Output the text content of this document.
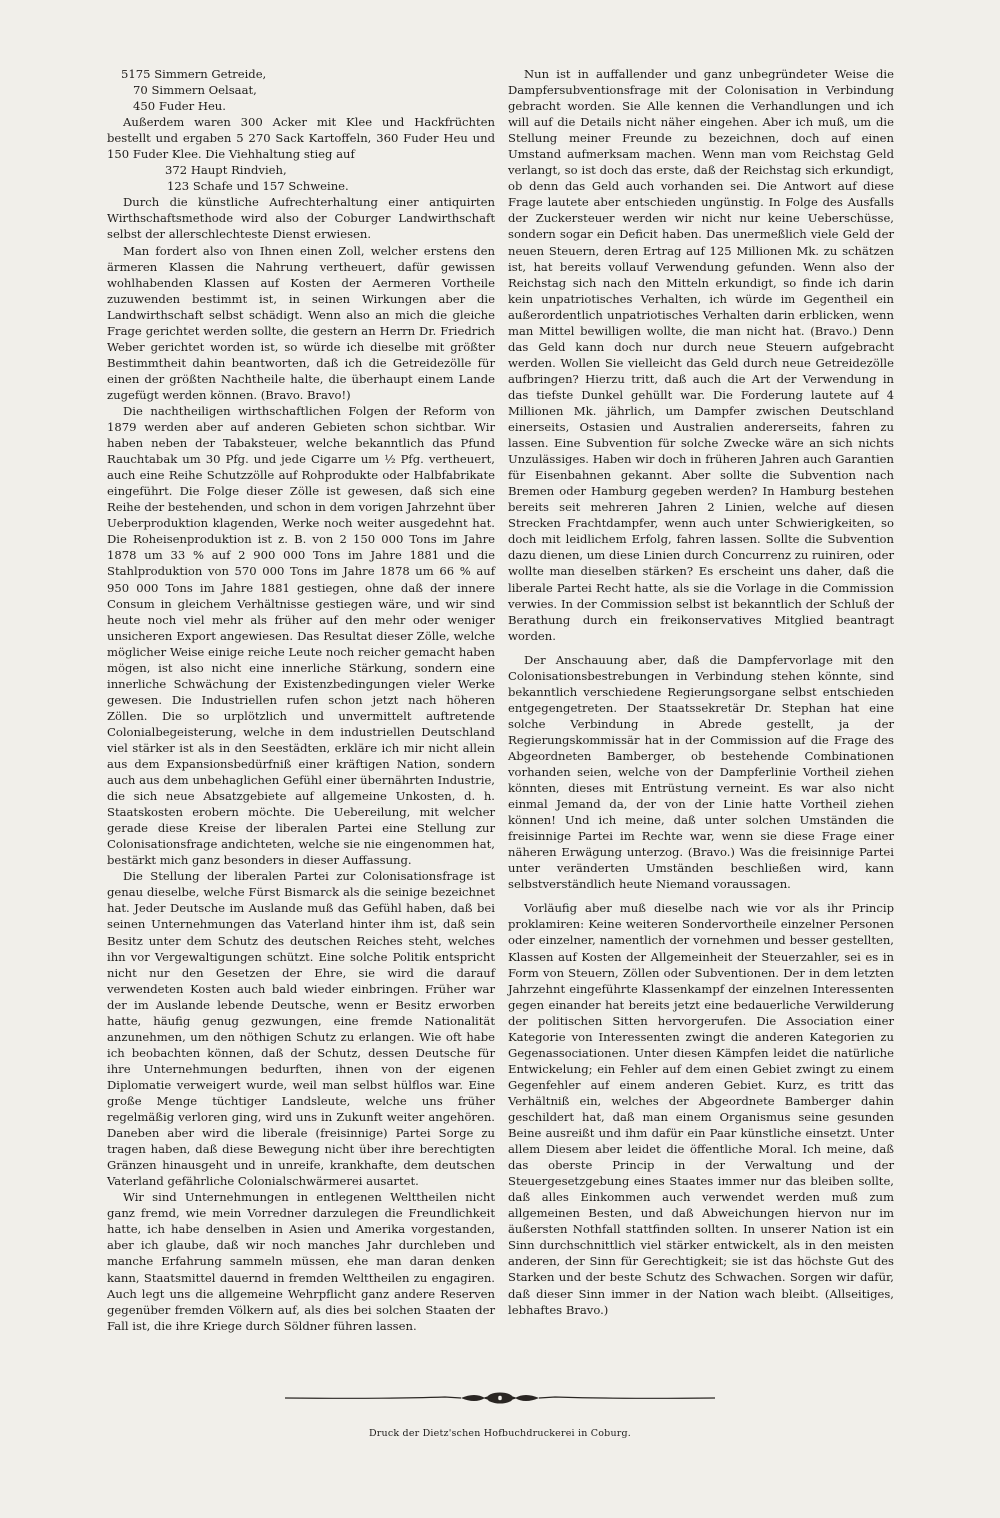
5175 Simmern Getreide,

70 Simmern Oelsaat,

450 Fuder Heu.

Außerdem waren 300 Acker mit Klee und Hackfrüchten bestellt und ergaben 5 270 Sack Kartoffeln, 360 Fuder Heu und 150 Fuder Klee. Die Viehhaltung stieg auf

372 Haupt Rindvieh,

123 Schafe und 157 Schweine.

Durch die künstliche Aufrechterhaltung einer antiquirten Wirthschaftsmethode wird also der Coburger Landwirthschaft selbst der allerschlechteste Dienst erwiesen.

Man fordert also von Ihnen einen Zoll, welcher erstens den ärmeren Klassen die Nahrung vertheuert, dafür gewissen wohlhabenden Klassen auf Kosten der Aermeren Vortheile zuzuwenden bestimmt ist, in seinen Wirkungen aber die Landwirthschaft selbst schädigt. Wenn also an mich die gleiche Frage gerichtet werden sollte, die gestern an Herrn Dr. Friedrich Weber gerichtet worden ist, so würde ich dieselbe mit größter Bestimmtheit dahin beantworten, daß ich die Getreidezölle für einen der größten Nachtheile halte, die überhaupt einem Lande zugefügt werden können. (Bravo. Bravo!)

Die nachtheiligen wirthschaftlichen Folgen der Reform von 1879 werden aber auf anderen Gebieten schon sichtbar. Wir haben neben der Tabaksteuer, welche bekanntlich das Pfund Rauchtabak um 30 Pfg. und jede Cigarre um ½ Pfg. vertheuert, auch eine Reihe Schutzzölle auf Rohprodukte oder Halbfabrikate eingeführt. Die Folge dieser Zölle ist gewesen, daß sich eine Reihe der bestehenden, und schon in dem vorigen Jahrzehnt über Ueberproduktion klagenden, Werke noch weiter ausgedehnt hat. Die Roheisenproduktion ist z. B. von 2 150 000 Tons im Jahre 1878 um 33 % auf 2 900 000 Tons im Jahre 1881 und die Stahlproduktion von 570 000 Tons im Jahre 1878 um 66 % auf 950 000 Tons im Jahre 1881 gestiegen, ohne daß der innere Consum in gleichem Verhältnisse gestiegen wäre, und wir sind heute noch viel mehr als früher auf den mehr oder weniger unsicheren Export angewiesen. Das Resultat dieser Zölle, welche möglicher Weise einige reiche Leute noch reicher gemacht haben mögen, ist also nicht eine innerliche Stärkung, sondern eine innerliche Schwächung der Existenzbedingungen vieler Werke gewesen. Die Industriellen rufen schon jetzt nach höheren Zöllen. Die so urplötzlich und unvermittelt auftretende Colonialbegeisterung, welche in dem industriellen Deutschland viel stärker ist als in den Seestädten, erkläre ich mir nicht allein aus dem Expansionsbedürfniß einer kräftigen Nation, sondern auch aus dem unbehaglichen Gefühl einer übernährten Industrie, die sich neue Absatzgebiete auf allgemeine Unkosten, d. h. Staatskosten erobern möchte. Die Uebereilung, mit welcher gerade diese Kreise der liberalen Partei eine Stellung zur Colonisationsfrage andichteten, welche sie nie eingenommen hat, bestärkt mich ganz besonders in dieser Auffassung.

Die Stellung der liberalen Partei zur Colonisationsfrage ist genau dieselbe, welche Fürst Bismarck als die seinige bezeichnet hat. Jeder Deutsche im Auslande muß das Gefühl haben, daß bei seinen Unternehmungen das Vaterland hinter ihm ist, daß sein Besitz unter dem Schutz des deutschen Reiches steht, welches ihn vor Vergewaltigungen schützt. Eine solche Politik entspricht nicht nur den Gesetzen der Ehre, sie wird die darauf verwendeten Kosten auch bald wieder einbringen. Früher war der im Auslande lebende Deutsche, wenn er Besitz erworben hatte, häufig genug gezwungen, eine fremde Nationalität anzunehmen, um den nöthigen Schutz zu erlangen. Wie oft habe ich beobachten können, daß der Schutz, dessen Deutsche für ihre Unternehmungen bedurften, ihnen von der eigenen Diplomatie verweigert wurde, weil man selbst hülflos war. Eine große Menge tüchtiger Landsleute, welche uns früher regelmäßig verloren ging, wird uns in Zukunft weiter angehören. Daneben aber wird die liberale (freisinnige) Partei Sorge zu tragen haben, daß diese Bewegung nicht über ihre berechtigten Gränzen hinausgeht und in unreife, krankhafte, dem deutschen Vaterland gefährliche Colonialschwärmerei ausartet.

Wir sind Unternehmungen in entlegenen Welttheilen nicht ganz fremd, wie mein Vorredner darzulegen die Freundlichkeit hatte, ich habe denselben in Asien und Amerika vorgestanden, aber ich glaube, daß wir noch manches Jahr durchleben und manche Erfahrung sammeln müssen, ehe man daran denken kann, Staatsmittel dauernd in fremden Welttheilen zu engagiren. Auch legt uns die allgemeine Wehrpflicht ganz andere Reserven gegenüber fremden Völkern auf, als dies bei solchen Staaten der Fall ist, die ihre Kriege durch Söldner führen lassen.

Nun ist in auffallender und ganz unbegründeter Weise die Dampfersubventionsfrage mit der Colonisation in Verbindung gebracht worden. Sie Alle kennen die Verhandlungen und ich will auf die Details nicht näher eingehen. Aber ich muß, um die Stellung meiner Freunde zu bezeichnen, doch auf einen Umstand aufmerksam machen. Wenn man vom Reichstag Geld verlangt, so ist doch das erste, daß der Reichstag sich erkundigt, ob denn das Geld auch vorhanden sei. Die Antwort auf diese Frage lautete aber entschieden ungünstig. In Folge des Ausfalls der Zuckersteuer werden wir nicht nur keine Ueberschüsse, sondern sogar ein Deficit haben. Das unermeßlich viele Geld der neuen Steuern, deren Ertrag auf 125 Millionen Mk. zu schätzen ist, hat bereits vollauf Verwendung gefunden. Wenn also der Reichstag sich nach den Mitteln erkundigt, so finde ich darin kein unpatriotisches Verhalten, ich würde im Gegentheil ein außerordentlich unpatriotisches Verhalten darin erblicken, wenn man Mittel bewilligen wollte, die man nicht hat. (Bravo.) Denn das Geld kann doch nur durch neue Steuern aufgebracht werden. Wollen Sie vielleicht das Geld durch neue Getreidezölle aufbringen? Hierzu tritt, daß auch die Art der Verwendung in das tiefste Dunkel gehüllt war. Die Forderung lautete auf 4 Millionen Mk. jährlich, um Dampfer zwischen Deutschland einerseits, Ostasien und Australien andererseits, fahren zu lassen. Eine Subvention für solche Zwecke wäre an sich nichts Unzulässiges. Haben wir doch in früheren Jahren auch Garantien für Eisenbahnen gekannt. Aber sollte die Subvention nach Bremen oder Hamburg gegeben werden? In Hamburg bestehen bereits seit mehreren Jahren 2 Linien, welche auf diesen Strecken Frachtdampfer, wenn auch unter Schwierigkeiten, so doch mit leidlichem Erfolg, fahren lassen. Sollte die Subvention dazu dienen, um diese Linien durch Concurrenz zu ruiniren, oder wollte man dieselben stärken? Es erscheint uns daher, daß die liberale Partei Recht hatte, als sie die Vorlage in die Commission verwies. In der Commission selbst ist bekanntlich der Schluß der Berathung durch ein freikonservatives Mitglied beantragt worden.

Der Anschauung aber, daß die Dampfervorlage mit den Colonisationsbestrebungen in Verbindung stehen könnte, sind bekanntlich verschiedene Regierungsorgane selbst entschieden entgegengetreten. Der Staatssekretär Dr. Stephan hat eine solche Verbindung in Abrede gestellt, ja der Regierungskommissär hat in der Commission auf die Frage des Abgeordneten Bamberger, ob bestehende Combinationen vorhanden seien, welche von der Dampferlinie Vortheil ziehen könnten, dieses mit Entrüstung verneint. Es war also nicht einmal Jemand da, der von der Linie hatte Vortheil ziehen können! Und ich meine, daß unter solchen Umständen die freisinnige Partei im Rechte war, wenn sie diese Frage einer näheren Erwägung unterzog. (Bravo.) Was die freisinnige Partei unter veränderten Umständen beschließen wird, kann selbstverständlich heute Niemand voraussagen.

Vorläufig aber muß dieselbe nach wie vor als ihr Princip proklamiren: Keine weiteren Sondervortheile einzelner Personen oder einzelner, namentlich der vornehmen und besser gestellten, Klassen auf Kosten der Allgemeinheit der Steuerzahler, sei es in Form von Steuern, Zöllen oder Subventionen. Der in dem letzten Jahrzehnt eingeführte Klassenkampf der einzelnen Interessenten gegen einander hat bereits jetzt eine bedauerliche Verwilderung der politischen Sitten hervorgerufen. Die Association einer Kategorie von Interessenten zwingt die anderen Kategorien zu Gegenassociationen. Unter diesen Kämpfen leidet die natürliche Entwickelung; ein Fehler auf dem einen Gebiet zwingt zu einem Gegenfehler auf einem anderen Gebiet. Kurz, es tritt das Verhältniß ein, welches der Abgeordnete Bamberger dahin geschildert hat, daß man einem Organismus seine gesunden Beine ausreißt und ihm dafür ein Paar künstliche einsetzt. Unter allem Diesem aber leidet die öffentliche Moral. Ich meine, daß das oberste Princip in der Verwaltung und der Steuergesetzgebung eines Staates immer nur das bleiben sollte, daß alles Einkommen auch verwendet werden muß zum allgemeinen Besten, und daß Abweichungen hiervon nur im äußersten Nothfall stattfinden sollten. In unserer Nation ist ein Sinn durchschnittlich viel stärker entwickelt, als in den meisten anderen, der Sinn für Gerechtigkeit; sie ist das höchste Gut des Starken und der beste Schutz des Schwachen. Sorgen wir dafür, daß dieser Sinn immer in der Nation wach bleibt. (Allseitiges, lebhaftes Bravo.)

Druck der Dietz'schen Hofbuchdruckerei in Coburg.
